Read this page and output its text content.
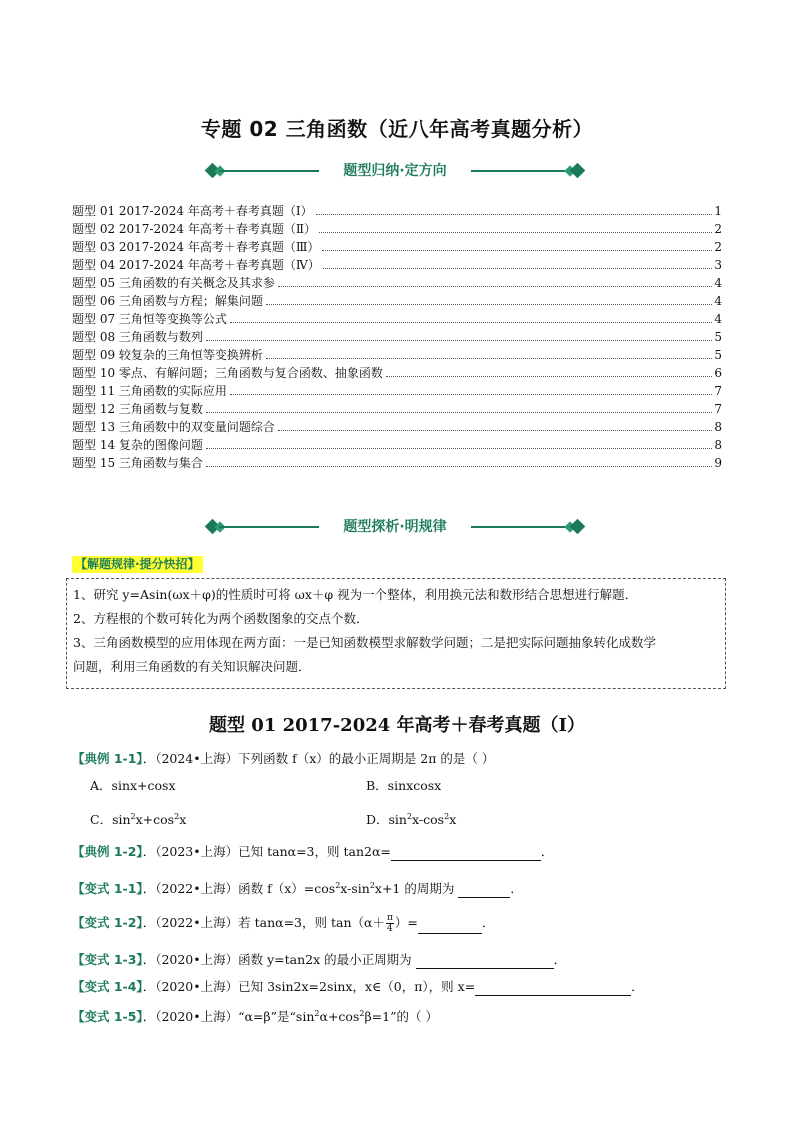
专题 02 三角函数（近八年高考真题分析）
题型归纳·定方向
题型 01 2017-2024 年高考＋春考真题（Ⅰ）	1
题型 02 2017-2024 年高考＋春考真题（Ⅱ）	2
题型 03 2017-2024 年高考＋春考真题（Ⅲ）	2
题型 04 2017-2024 年高考＋春考真题（Ⅳ）	3
题型 05 三角函数的有关概念及其求参	4
题型 06 三角函数与方程；解集问题	4
题型 07 三角恒等变换等公式	4
题型 08 三角函数与数列	5
题型 09 较复杂的三角恒等变换辨析	5
题型 10 零点、有解问题；三角函数与复合函数、抽象函数	6
题型 11 三角函数的实际应用	7
题型 12 三角函数与复数	7
题型 13 三角函数中的双变量问题综合	8
题型 14 复杂的图像问题	8
题型 15 三角函数与集合	9
题型探析·明规律
【解题规律·提分快招】

1、研究 y=Asin(ωx＋φ)的性质时可将 ωx＋φ 视为一个整体，利用换元法和数形结合思想进行解题．

2、方程根的个数可转化为两个函数图象的交点个数．

3、三角函数模型的应用体现在两方面：一是已知函数模型求解数学问题；二是把实际问题抽象转化成数学

问题，利用三角函数的有关知识解决问题．

题型 01 2017-2024 年高考＋春考真题（Ⅰ）
【典例 1-1】．（2024•上海）下列函数 f（x）的最小正周期是 2π 的是（ ）
A．sinx+cosx	B．sinxcosx
C．$\sin^2x+\cos^2x$	D．$\sin^2x-\cos^2x$
【典例 1-2】．（2023•上海）已知 tanα=3，则 tan2α=	．
【变式 1-1】．（2022•上海）函数 $f(x)=\cos^2x-\sin^2x+1$ 的周期为	．
【变式 1-2】．（2022•上海）若 tanα=3，则 $\tan(\alpha+ \frac{\pi}{4}$ ）=	．
【变式 1-3】．（2020•上海）函数 y=tan2x 的最小正周期为	．
【变式 1-4】．（2020•上海）已知 3sin2x=2sinx，x∈（0，π），则 x=	．
【变式 1-5】．（2020•上海）“α=β”是“$\sin^2\alpha+\cos^2\beta=1$”的（ ）
